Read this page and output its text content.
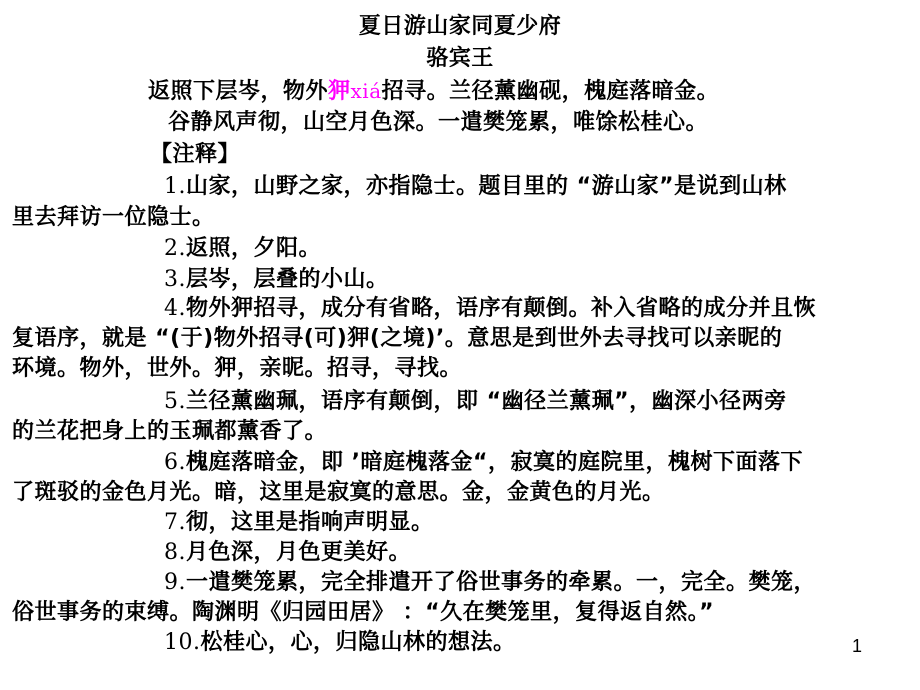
夏日游山家同夏少府
骆宾王
返照下层岑，物外狎xiá招寻。兰径薰幽砚，槐庭落暗金。
谷静风声彻，山空月色深。一遣樊笼累，唯馀松桂心。
【注释】
1.山家，山野之家，亦指隐士。题目里的 “游山家”是说到山林
里去拜访一位隐士。
2.返照，夕阳。
3.层岑，层叠的小山。
4.物外狎招寻，成分有省略，语序有颠倒。补入省略的成分并且恢
复语序，就是 “(于)物外招寻(可)狎(之境)’。意思是到世外去寻找可以亲昵的
环境。物外，世外。狎，亲昵。招寻，寻找。
5.兰径薰幽珮，语序有颠倒，即 “幽径兰薰珮”，幽深小径两旁
的兰花把身上的玉珮都薰香了。
6.槐庭落暗金，即 ’暗庭槐落金“，寂寞的庭院里，槐树下面落下
了斑驳的金色月光。暗，这里是寂寞的意思。金，金黄色的月光。
7.彻，这里是指响声明显。
8.月色深，月色更美好。
9.一遣樊笼累，完全排遣开了俗世事务的牵累。一，完全。樊笼，
俗世事务的束缚。陶渊明《归园田居》 ：“久在樊笼里，复得返自然。”
10.松桂心，心，归隐山林的想法。	1
